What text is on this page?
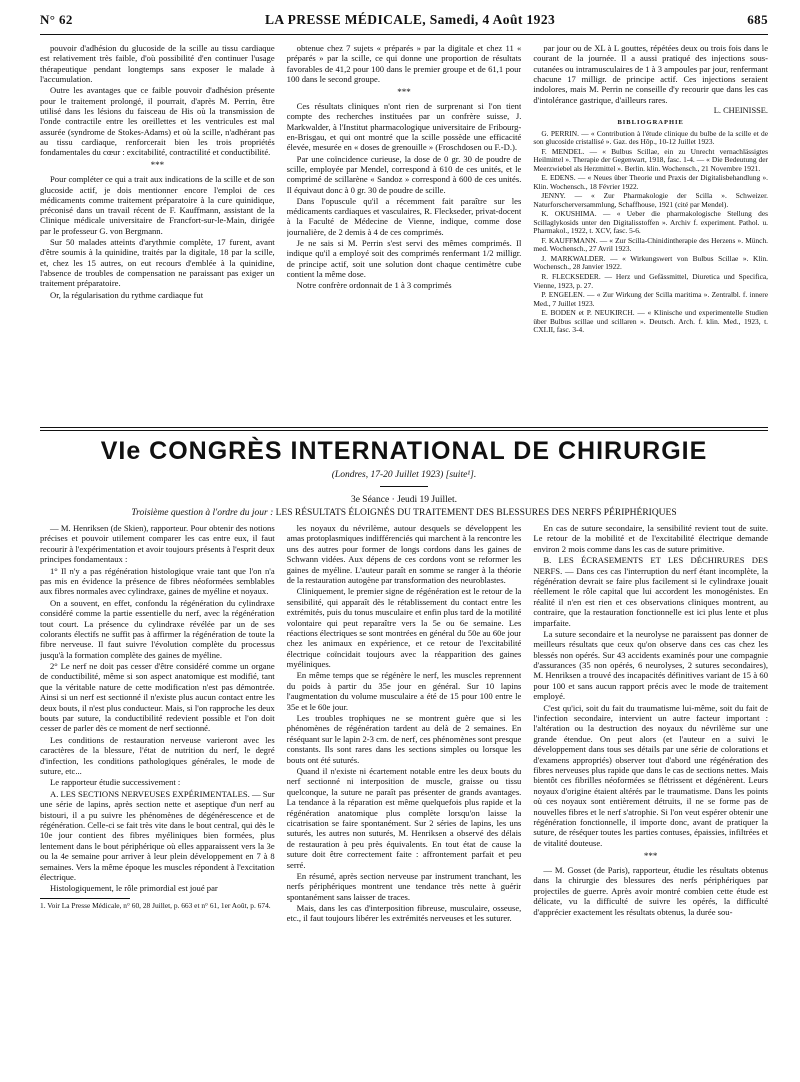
N° 62	LA PRESSE MÉDICALE, Samedi, 4 Août 1923	685

pouvoir d'adhésion du glucoside de la scille au tissu cardiaque est relativement très faible, d'où possibilité d'en continuer l'usage thérapeutique pendant longtemps sans exposer le malade à l'accumulation.

Outre les avantages que ce faible pouvoir d'adhésion présente pour le traitement prolongé, il pourrait, d'après M. Perrin, être utilisé dans les lésions du faisceau de His où la transmission de l'onde contractile entre les oreillettes et les ventricules est mal assurée (syndrome de Stokes-Adams) et où la scille, n'adhérant pas au tissu cardiaque, renforcerait bien les trois propriétés fondamentales du cœur : excitabilité, contractilité et conductibilité.

***

Pour compléter ce qui a trait aux indications de la scille et de son glucoside actif, je dois mentionner encore l'emploi de ces médicaments comme traitement préparatoire à la cure quinidique, préconisé dans un travail récent de F. Kauffmann, assistant de la Clinique médicale universitaire de Francfort-sur-le-Main, dirigée par le professeur G. von Bergmann.

Sur 50 malades atteints d'arythmie complète, 17 furent, avant d'être soumis à la quinidine, traités par la digitale, 18 par la scille, et, chez les 15 autres, on eut recours d'emblée à la quinidine, l'absence de troubles de compensation ne paraissant pas exiger un traitement préparatoire.

Or, la régularisation du rythme cardiaque fut

obtenue chez 7 sujets « préparés » par la digitale et chez 11 « préparés » par la scille, ce qui donne une proportion de résultats favorables de 41,2 pour 100 dans le premier groupe et de 61,1 pour 100 dans le second groupe.

***

Ces résultats cliniques n'ont rien de surprenant si l'on tient compte des recherches instituées par un confrère suisse, J. Markwalder, à l'Institut pharmacologique universitaire de Fribourg-en-Brisgau, et qui ont montré que la scille possède une efficacité élevée, mesurée en « doses de grenouille » (Froschdosen ou F.-D.).

Par une coïncidence curieuse, la dose de 0 gr. 30 de poudre de scille, employée par Mendel, correspond à 610 de ces unités, et le comprimé de scillarène « Sandoz » correspond à 600 de ces unités. Il équivaut donc à 0 gr. 30 de poudre de scille.

Dans l'opuscule qu'il a récemment fait paraître sur les médicaments cardiaques et vasculaires, R. Fleckseder, privat-docent à la Faculté de Médecine de Vienne, indique, comme dose journalière, de 2 demis à 4 de ces comprimés.

Je ne sais si M. Perrin s'est servi des mêmes comprimés. Il indique qu'il a employé soit des comprimés renfermant 1/2 milligr. de principe actif, soit une solution dont chaque centimètre cube contient la même dose.

Notre confrère ordonnait de 1 à 3 comprimés

par jour ou de XL à L gouttes, répétées deux ou trois fois dans le courant de la journée. Il a aussi pratiqué des injections sous-cutanées ou intramusculaires de 1 à 3 ampoules par jour, renfermant chacune 17 milligr. de principe actif. Ces injections seraient indolores, mais M. Perrin ne conseille d'y recourir que dans les cas d'intolérance gastrique, d'ailleurs rares.

L. CHEINISSE.
BIBLIOGRAPHIE
G. PERRIN. — « Contribution à l'étude clinique du bulbe de la scille et de son glucoside cristallisé ». Gaz. des Hôp., 10-12 Juillet 1923.
F. MENDEL. — « Bulbus Scillae, ein zu Unrecht vernachlässigtes Heilmittel ». Therapie der Gegenwart, 1918, fasc. 1-4. — « Die Bedeutung der Meerzwiebel als Herzmittel ». Berlin. klin. Wochensch., 21 Novembre 1921.
E. EDENS. — « Neues über Theorie und Praxis der Digitalisbehandlung ». Klin. Wochensch., 18 Février 1922.
JENNY. — « Zur Pharmakologie der Scilla ». Schweizer. Naturforscherversammlung, Schaffhouse, 1921 (cité par Mendel).
K. OKUSHIMA. — « Ueber die pharmakologische Stellung des Scillaglykosids unter den Digitalisstoffen ». Archiv f. experiment. Pathol. u. Pharmakol., 1922, t. XCV, fasc. 5-6.
F. KAUFFMANN. — « Zur Scilla-Chinidintherapie des Herzens ». Münch. med. Wochensch., 27 Avril 1923.
J. MARKWALDER. — « Wirkungswert von Bulbus Scillae ». Klin. Wochensch., 28 Janvier 1922.
R. FLECKSEDER. — Herz und Gefässmittel, Diuretica und Specifica, Vienne, 1923, p. 27.
P. ENGELEN. — « Zur Wirkung der Scilla maritima ». Zentralbl. f. innere Med., 7 Juillet 1923.
E. BODEN et P. NEUKIRCH. — « Klinische und experimentelle Studien über Bulbus scillae und scillaren ». Deutsch. Arch. f. klin. Med., 1923, t. CXLII, fasc. 3-4.
VIe CONGRÈS INTERNATIONAL DE CHIRURGIE
(Londres, 17-20 Juillet 1923) [suite¹].
3e Séance · Jeudi 19 Juillet.
Troisième question à l'ordre du jour : LES RÉSULTATS ÉLOIGNÉS DU TRAITEMENT DES BLESSURES DES NERFS PÉRIPHÉRIQUES

— M. Henriksen (de Skien), rapporteur. Pour obtenir des notions précises et pouvoir utilement comparer les cas entre eux, il faut recourir à l'expérimentation et avoir toujours présents à l'esprit deux principes fondamentaux :

1° Il n'y a pas régénération histologique vraie tant que l'on n'a pas mis en évidence la présence de fibres néoformées semblables aux fibres normales avec cylindraxe, gaines de myéline et noyaux.

On a souvent, en effet, confondu la régénération du cylindraxe considéré comme la partie essentielle du nerf, avec la régénération tout court. La présence du cylindraxe révélée par un de ses colorants électifs ne suffit pas à affirmer la régénération de toute la fibre nerveuse. Il faut suivre l'évolution complète du processus jusqu'à la formation complète des gaines de myéline.

2° Le nerf ne doit pas cesser d'être considéré comme un organe de conductibilité, même si son aspect anatomique est modifié, tant que la véritable nature de cette modification n'est pas démontrée. Ainsi si un nerf est sectionné il n'existe plus aucun contact entre les deux bouts, il n'est plus conducteur. Mais, si l'on rapproche les deux bouts par suture, la conductibilité redevient possible et l'on doit cesser de parler dès ce moment de nerf sectionné.

Les conditions de restauration nerveuse varieront avec les caractères de la blessure, l'état de nutrition du nerf, le degré d'infection, les conditions pathologiques générales, le mode de suture, etc...

Le rapporteur étudie successivement :

A. LES SECTIONS NERVEUSES EXPÉRIMENTALES. — Sur une série de lapins, après section nette et aseptique d'un nerf au bistouri, il a pu suivre les phénomènes de dégénérescence et de régénération. Celle-ci se fait très vite dans le bout central, qui dès le 10e jour contient des fibres myéliniques bien formées, plus lentement dans le bout périphérique où elles apparaissent vers la 3e ou la 4e semaine pour arriver à leur plein développement en 7 à 8 semaines. Vers la même époque les muscles répondent à l'excitation électrique.

Histologiquement, le rôle primordial est joué par

1. Voir La Presse Médicale, n° 60, 28 Juillet, p. 663 et n° 61, 1er Août, p. 674.

les noyaux du névrilème, autour desquels se développent les amas protoplasmiques indifférenciés qui marchent à la rencontre les uns des autres pour former de longs cordons dans les gaines de Schwann vidées. Aux dépens de ces cordons vont se reformer les gaines de myéline. L'auteur paraît en somme se ranger à la théorie de la restauration autogène par transformation des neuroblastes.

Cliniquement, le premier signe de régénération est le retour de la sensibilité, qui apparaît dès le rétablissement du contact entre les extrémités, puis du tonus musculaire et enfin plus tard de la motilité volontaire qui peut reparaître vers la 5e ou 6e semaine. Les réactions électriques se sont montrées en général du 50e au 60e jour chez les animaux en expérience, et ce retour de l'excitabilité électrique coïncidait toujours avec la réapparition des gaines myéliniques.

En même temps que se régénère le nerf, les muscles reprennent du poids à partir du 35e jour en général. Sur 10 lapins l'augmentation du volume musculaire a été de 15 pour 100 entre le 35e et le 60e jour.

Les troubles trophiques ne se montrent guère que si les phénomènes de régénération tardent au delà de 2 semaines. En réséquant sur le lapin 2-3 cm. de nerf, ces phénomènes sont presque constants. Ils sont rares dans les sections simples ou lorsque les bouts ont été suturés.

Quand il n'existe ni écartement notable entre les deux bouts du nerf sectionné ni interposition de muscle, graisse ou tissu quelconque, la suture ne paraît pas présenter de grands avantages. La tendance à la réparation est même quelquefois plus rapide et la régénération anatomique plus complète lorsqu'on laisse la cicatrisation se faire spontanément. Sur 2 séries de lapins, les uns suturés, les autres non suturés, M. Henriksen a observé des délais de restauration à peu près équivalents. En tout état de cause la suture doit être correctement faite : affrontement parfait et peu serré.

En résumé, après section nerveuse par instrument tranchant, les nerfs périphériques montrent une tendance très nette à guérir spontanément sans laisser de traces.

Mais, dans les cas d'interposition fibreuse, musculaire, osseuse, etc., il faut toujours libérer les extrémités nerveuses et les suturer.

En cas de suture secondaire, la sensibilité revient tout de suite. Le retour de la mobilité et de l'excitabilité électrique demande environ 2 mois comme dans les cas de suture primitive.

B. LES ÉCRASEMENTS ET LES DÉCHIRURES DES NERFS. — Dans ces cas l'interruption du nerf étant incomplète, la régénération devrait se faire plus facilement si le cylindraxe jouait réellement le rôle capital que lui accordent les monogénistes. En réalité il n'en est rien et ces observations cliniques montrent, au contraire, que la restauration fonctionnelle est ici plus lente et plus imparfaite.

La suture secondaire et la neurolyse ne paraissent pas donner de meilleurs résultats que ceux qu'on observe dans ces cas chez les blessés non opérés. Sur 43 accidents examinés pour une compagnie d'assurances (35 non opérés, 6 neurolyses, 2 sutures secondaires), M. Henriksen a trouvé des incapacités définitives variant de 15 à 60 pour 100 et sans aucun rapport précis avec le mode de traitement employé.

C'est qu'ici, soit du fait du traumatisme lui-même, soit du fait de l'infection secondaire, intervient un autre facteur important : l'altération ou la destruction des noyaux du névrilème sur une grande étendue. On peut alors (et l'auteur en a suivi le développement dans tous ses détails par une série de colorations et d'examens appropriés) observer tout d'abord une régénération des fibres nerveuses plus rapide que dans le cas de sections nettes. Mais bientôt ces fibrilles néoformées se flétrissent et dégénèrent. Leurs noyaux d'origine étaient altérés par le traumatisme. Dans les points où ces noyaux sont entièrement détruits, il ne se forme pas de nouvelles fibres et le nerf s'atrophie. Si l'on veut espérer obtenir une régénération fonctionnelle, il importe donc, avant de pratiquer la suture, de réséquer toutes les parties contuses, épaissies, infiltrées et de vitalité douteuse.

***

— M. Gosset (de Paris), rapporteur, étudie les résultats obtenus dans la chirurgie des blessures des nerfs périphériques par projectiles de guerre. Après avoir montré combien cette étude est délicate, vu la difficulté de suivre les opérés, la difficulté d'apprécier exactement les résultats obtenus, la durée sou-
